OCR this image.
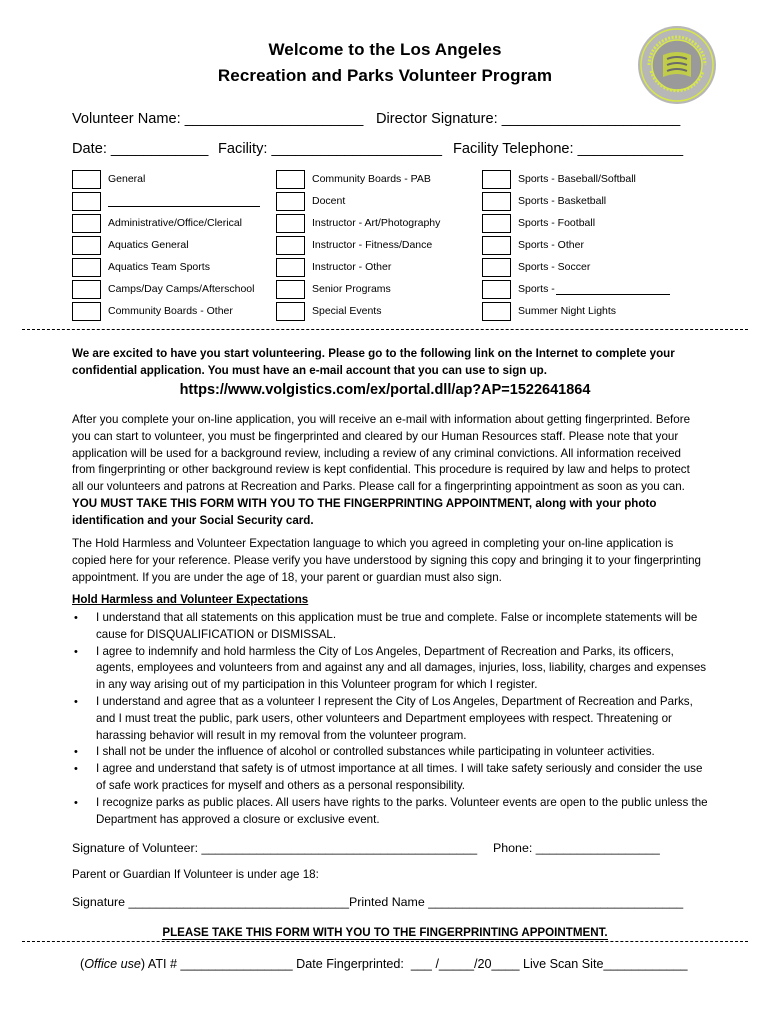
Welcome to the Los Angeles
Recreation and Parks Volunteer Program
Volunteer Name: ______________________ Director Signature: ______________________
Date: ____________ Facility: _____________________ Facility Telephone: _____________
We are excited to have you start volunteering. Please go to the following link on the Internet to complete your confidential application. You must have an e-mail account that you can use to sign up.
https://www.volgistics.com/ex/portal.dll/ap?AP=1522641864
After you complete your on-line application, you will receive an e-mail with information about getting fingerprinted. Before you can start to volunteer, you must be fingerprinted and cleared by our Human Resources staff. Please note that your application will be used for a background review, including a review of any criminal convictions. All information received from fingerprinting or other background review is kept confidential. This procedure is required by law and helps to protect all our volunteers and patrons at Recreation and Parks. Please call for a fingerprinting appointment as soon as you can. YOU MUST TAKE THIS FORM WITH YOU TO THE FINGERPRINTING APPOINTMENT, along with your photo identification and your Social Security card.
The Hold Harmless and Volunteer Expectation language to which you agreed in completing your on-line application is copied here for your reference. Please verify you have understood by signing this copy and bringing it to your fingerprinting appointment. If you are under the age of 18, your parent or guardian must also sign.
Hold Harmless and Volunteer Expectations
• I understand that all statements on this application must be true and complete. False or incomplete statements will be cause for DISQUALIFICATION or DISMISSAL.
• I agree to indemnify and hold harmless the City of Los Angeles, Department of Recreation and Parks, its officers, agents, employees and volunteers from and against any and all damages, injuries, loss, liability, charges and expenses in any way arising out of my participation in this Volunteer program for which I register.
• I understand and agree that as a volunteer I represent the City of Los Angeles, Department of Recreation and Parks, and I must treat the public, park users, other volunteers and Department employees with respect. Threatening or harassing behavior will result in my removal from the volunteer program.
• I shall not be under the influence of alcohol or controlled substances while participating in volunteer activities.
• I agree and understand that safety is of utmost importance at all times. I will take safety seriously and consider the use of safe work practices for myself and others as a personal responsibility.
• I recognize parks as public places. All users have rights to the parks. Volunteer events are open to the public unless the Department has approved a closure or exclusive event.
Signature of Volunteer: ________________________________________ Phone: __________________
Parent or Guardian If Volunteer is under age 18:
Signature ________________________________Printed Name _____________________________________
PLEASE TAKE THIS FORM WITH YOU TO THE FINGERPRINTING APPOINTMENT.
(Office use) ATI # ________________ Date Fingerprinted:  ___ /_____/20____ Live Scan Site____________
General
Administrative/Office/Clerical
Aquatics General
Aquatics Team Sports
Camps/Day Camps/Afterschool
Community Boards - Other
Community Boards - PAB
Docent
Instructor - Art/Photography
Instructor - Fitness/Dance
Instructor - Other
Senior Programs
Special Events
Sports - Baseball/Softball
Sports - Basketball
Sports - Football
Sports - Other
Sports - Soccer
Sports -
Summer Night Lights
